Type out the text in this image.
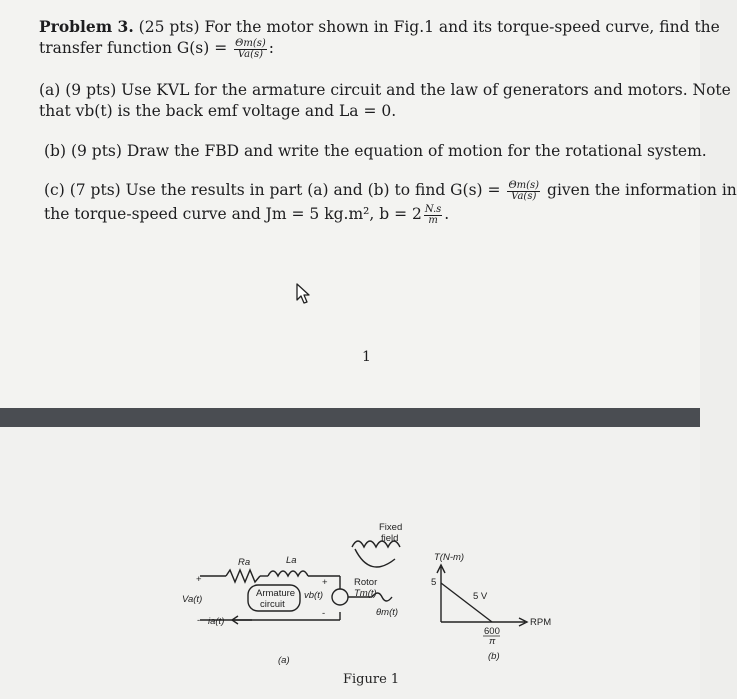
Problem 3. (25 pts) For the motor shown in Fig.1 and its torque-speed curve, find the
transfer function $G(s) = \frac{\Theta m(s)}{Va(s)}$ :
(a) (9 pts) Use KVL for the armature circuit and the law of generators and motors. Note
that vb(t) is the back emf voltage and La = 0.
(b) (9 pts) Draw the FBD and write the equation of motion for the rotational system.
(c) (7 pts) Use the results in part (a) and (b) to find $G(s) = \frac{\Theta m(s)}{Va(s)}$ given the information in
the torque-speed curve and Jm = 5 kg.m², $b = 2 \frac{N.s}{m}$ .
1
Ra	La
+
-
+
-
Va(t)
ia(t)
Armature
circuit
vb(t)
Fixed
field
Rotor
Tm(t)
θm(t)
(a)
T(N-m)
5
5 V
600
π
RPM
(b)
Figure 1
